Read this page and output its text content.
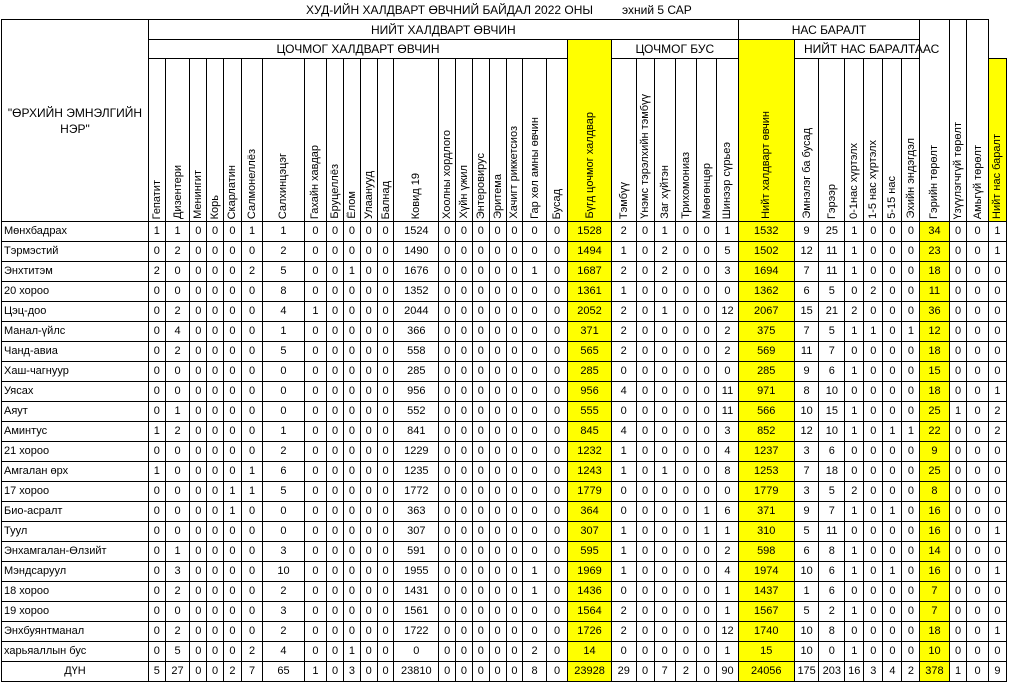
ХУД-ИЙН ХАЛДВАРТ ӨВЧНИЙ БАЙДАЛ 2022 ОНЫ эхний 5 САР
"ӨРХИЙН ЭМНЭЛГИЙН НЭР"	НИЙТ ХАЛДВАРТ ӨВЧИН																											НАС БАРАЛТ							Гэрийн төрөлт	Үзүүлэгчгүй төрөлт	Амьгүй төрөлт	

	ЦОЧМОГ ХАЛДВАРТ ӨВЧИН																				Бүгд цочмог халдвар	ЦОЧМОГ БУС						Нийт халдварт өвчин	НИЙТ НАС БАРАЛТААС									

	Гепатит	Дизентери	Менингит	Корь	Скарлатин	Салмонеллёз	Салхинцэцэг	Гахайн хавдар	Бруцеллёз	Ёлом	Улаанууд	Балнад	Ковид 19	Хоолны хордлого	Хүйн үжил	Энтеровирус	Эритема	Хачигт риккетсиоз	Гар хөл амны өвчин	Бусад		Тэмбүү	Үнэмс тэрэлхийн тэмбүү	Заг хүйтэн	Трихомониаз	Мөөгөнцөр	Шинээр сүрьеэ		Эмнэлэг ба бусад	Гэрээр	0-1нас хүртэлх	1-5 нас хүртэлх	5-15 нас	Эхийн эндэгдэл				Нийт нас баралт

Мөнхбадрах	1	1	0	0	0	1	1	0	0	0	0	0	1524	0	0	0	0	0	0	0	1528	2	0	1	0	0	1	1532	9	25	1	0	0	0	34	0	0	1
Тэрмэстий	0	2	0	0	0	0	2	0	0	0	0	0	1490	0	0	0	0	0	0	0	1494	1	0	2	0	0	5	1502	12	11	1	0	0	0	23	0	0	1
Энхтитэм	2	0	0	0	0	2	5	0	0	1	0	0	1676	0	0	0	0	0	1	0	1687	2	0	2	0	0	3	1694	7	11	1	0	0	0	18	0	0	0
20 хороо	0	0	0	0	0	0	8	0	0	0	0	0	1352	0	0	0	0	0	0	0	1361	1	0	0	0	0	0	1362	6	5	0	2	0	0	11	0	0	0
Цэц-доо	0	2	0	0	0	0	4	1	0	0	0	0	2044	0	0	0	0	0	0	0	2052	2	0	1	0	0	12	2067	15	21	2	0	0	0	36	0	0	0
Манал-үйлс	0	4	0	0	0	0	1	0	0	0	0	0	366	0	0	0	0	0	0	0	371	2	0	0	0	0	2	375	7	5	1	1	0	1	12	0	0	0
Чанд-авиа	0	2	0	0	0	0	5	0	0	0	0	0	558	0	0	0	0	0	0	0	565	2	0	0	0	0	2	569	11	7	0	0	0	0	18	0	0	0
Хаш-чагнуур	0	0	0	0	0	0	0	0	0	0	0	0	285	0	0	0	0	0	0	0	285	0	0	0	0	0	0	285	9	6	1	0	0	0	15	0	0	0
Уясах	0	0	0	0	0	0	0	0	0	0	0	0	956	0	0	0	0	0	0	0	956	4	0	0	0	0	11	971	8	10	0	0	0	0	18	0	0	1
Аяут	0	1	0	0	0	0	0	0	0	0	0	0	552	0	0	0	0	0	0	0	555	0	0	0	0	0	11	566	10	15	1	0	0	0	25	1	0	2
Аминтус	1	2	0	0	0	0	1	0	0	0	0	0	841	0	0	0	0	0	0	0	845	4	0	0	0	0	3	852	12	10	1	0	1	1	22	0	0	2
21 хороо	0	0	0	0	0	0	2	0	0	0	0	0	1229	0	0	0	0	0	0	0	1232	1	0	0	0	0	4	1237	3	6	0	0	0	0	9	0	0	0
Амгалан өрх	1	0	0	0	0	1	6	0	0	0	0	0	1235	0	0	0	0	0	0	0	1243	1	0	1	0	0	8	1253	7	18	0	0	0	0	25	0	0	0
17 хороо	0	0	0	0	1	1	5	0	0	0	0	0	1772	0	0	0	0	0	0	0	1779	0	0	0	0	0	0	1779	3	5	2	0	0	0	8	0	0	0
Био-асралт	0	0	0	0	1	0	0	0	0	0	0	0	363	0	0	0	0	0	0	0	364	0	0	0	0	1	6	371	9	7	1	0	1	0	16	0	0	0
Туул	0	0	0	0	0	0	0	0	0	0	0	0	307	0	0	0	0	0	0	0	307	1	0	0	0	1	1	310	5	11	0	0	0	0	16	0	0	1
Энхамгалан-Өлзийт	0	1	0	0	0	0	3	0	0	0	0	0	591	0	0	0	0	0	0	0	595	1	0	0	0	0	2	598	6	8	1	0	0	0	14	0	0	0
Мэндсаруул	0	3	0	0	0	0	10	0	0	0	0	0	1955	0	0	0	0	0	1	0	1969	1	0	0	0	0	4	1974	10	6	1	0	1	0	16	0	0	1
18 хороо	0	2	0	0	0	0	2	0	0	0	0	0	1431	0	0	0	0	0	1	0	1436	0	0	0	0	0	1	1437	1	6	0	0	0	0	7	0	0	0
19 хороо	0	0	0	0	0	0	3	0	0	0	0	0	1561	0	0	0	0	0	0	0	1564	2	0	0	0	0	1	1567	5	2	1	0	0	0	7	0	0	0
Энхбуянтманал	0	2	0	0	0	0	2	0	0	0	0	0	1722	0	0	0	0	0	0	0	1726	2	0	0	0	0	12	1740	10	8	0	0	0	0	18	0	0	1
харьяаллын бус	0	5	0	0	0	2	4	0	0	1	0	0	0	0	0	0	0	0	2	0	14	0	0	0	0	0	1	15	10	0	1	0	0	0	10	0	0	0
ДҮН	5	27	0	0	2	7	65	1	0	3	0	0	23810	0	0	0	0	0	8	0	23928	29	0	7	2	0	90	24056	175	203	16	3	4	2	378	1	0	9
